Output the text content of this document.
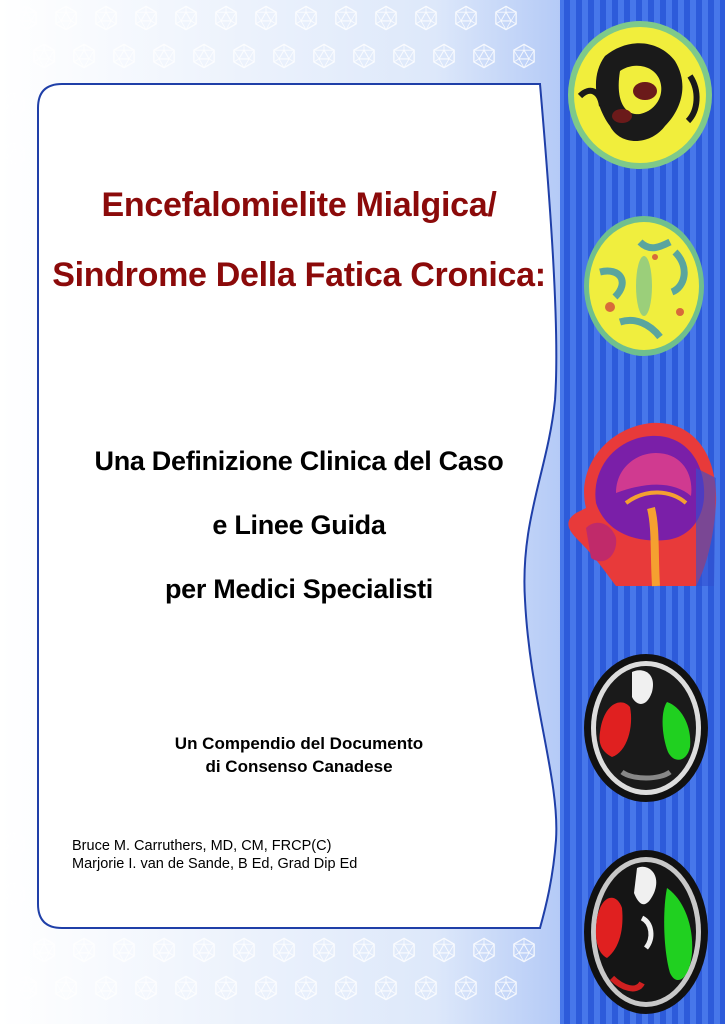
Encefalomielite Mialgica/
Sindrome Della Fatica Cronica:
Una Definizione Clinica del Caso
e Linee Guida
per Medici Specialisti
Un Compendio del Documento
di Consenso Canadese
Bruce M. Carruthers, MD, CM, FRCP(C)
Marjorie I. van de Sande, B Ed, Grad Dip Ed
